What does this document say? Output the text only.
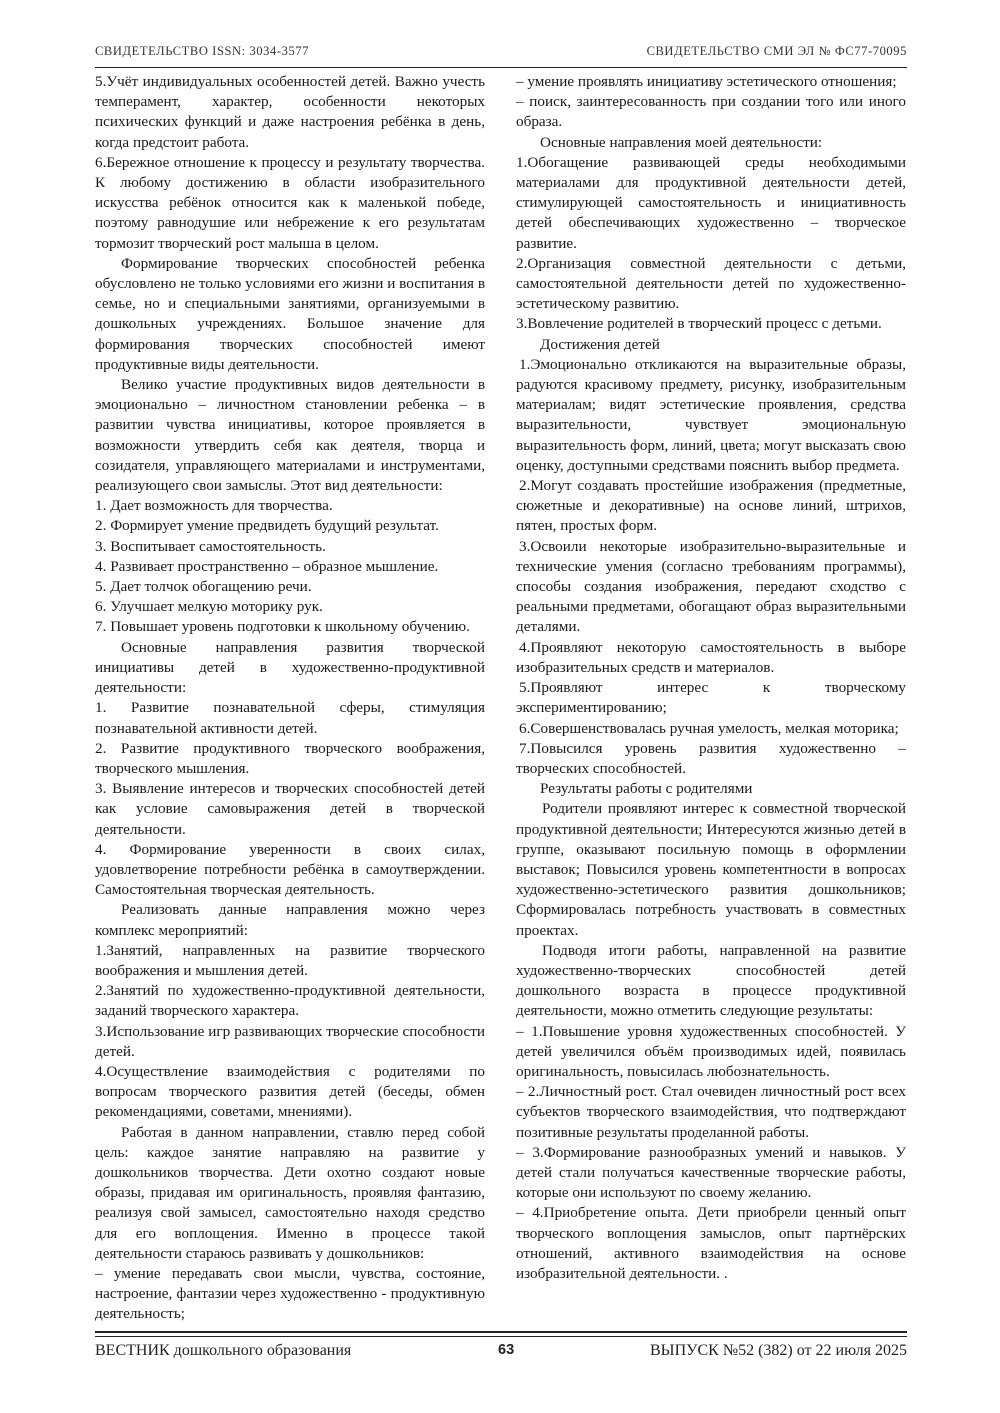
СВИДЕТЕЛЬСТВО ISSN: 3034-3577	СВИДЕТЕЛЬСТВО СМИ ЭЛ № ФС77-70095

5.Учёт индивидуальных особенностей детей. Важно учесть темперамент, характер, особенности некоторых психических функций и даже настроения ребёнка в день, когда предстоит работа.

6.Бережное отношение к процессу и результату творчества. К любому достижению в области изобразительного искусства ребёнок относится как к маленькой победе, поэтому равнодушие или небрежение к его результатам тормозит творческий рост малыша в целом.

Формирование творческих способностей ребенка обусловлено не только условиями его жизни и воспитания в семье, но и специальными занятиями, организуемыми в дошкольных учреждениях. Большое значение для формирования творческих способностей имеют продуктивные виды деятельности.

Велико участие продуктивных видов деятельности в эмоционально – личностном становлении ребенка – в развитии чувства инициативы, которое проявляется в возможности утвердить себя как деятеля, творца и созидателя, управляющего материалами и инструментами, реализующего свои замыслы. Этот вид деятельности:

1. Дает возможность для творчества.

2. Формирует умение предвидеть будущий результат.

3. Воспитывает самостоятельность.

4. Развивает пространственно – образное мышление.

5. Дает толчок обогащению речи.

6. Улучшает мелкую моторику рук.

7. Повышает уровень подготовки к школьному обучению.

Основные направления развития творческой инициативы детей в художественно-продуктивной деятельности:

1. Развитие познавательной сферы, стимуляция познавательной активности детей.

2. Развитие продуктивного творческого воображения, творческого мышления.

3. Выявление интересов и творческих способностей детей как условие самовыражения детей в творческой деятельности.

4. Формирование уверенности в своих силах, удовлетворение потребности ребёнка в самоутверждении. Самостоятельная творческая деятельность.

Реализовать данные направления можно через комплекс мероприятий:

1.Занятий, направленных на развитие творческого воображения и мышления детей.

2.Занятий по художественно-продуктивной деятельности, заданий творческого характера.

3.Использование игр развивающих творческие способности детей.

4.Осуществление взаимодействия с родителями по вопросам творческого развития детей (беседы, обмен рекомендациями, советами, мнениями).

Работая в данном направлении, ставлю перед собой цель: каждое занятие направляю на развитие у дошкольников творчества. Дети охотно создают новые образы, придавая им оригинальность, проявляя фантазию, реализуя свой замысел, самостоятельно находя средство для его воплощения. Именно в процессе такой деятельности стараюсь развивать у дошкольников:

– умение передавать свои мысли, чувства, состояние, настроение, фантазии через художественно - продуктивную деятельность;

– умение проявлять инициативу эстетического отношения;

– поиск, заинтересованность при создании того или иного образа.

Основные направления моей деятельности:

1.Обогащение развивающей среды необходимыми материалами для продуктивной деятельности детей, стимулирующей самостоятельность и инициативность детей обеспечивающих художественно – творческое развитие.

2.Организация совместной деятельности с детьми, самостоятельной деятельности детей по художественно-эстетическому развитию.

3.Вовлечение родителей в творческий процесс с детьми.

Достижения детей

1.Эмоционально откликаются на выразительные образы, радуются красивому предмету, рисунку, изобразительным материалам; видят эстетические проявления, средства выразительности, чувствует эмоциональную выразительность форм, линий, цвета; могут высказать свою оценку, доступными средствами пояснить выбор предмета.

2.Могут создавать простейшие изображения (предметные, сюжетные и декоративные) на основе линий, штрихов, пятен, простых форм.

3.Освоили некоторые изобразительно-выразительные и технические умения (согласно требованиям программы), способы создания изображения, передают сходство с реальными предметами, обогащают образ выразительными деталями.

4.Проявляют некоторую самостоятельность в выборе изобразительных средств и материалов.

5.Проявляют интерес к творческому экспериментированию;

6.Совершенствовалась ручная умелость, мелкая моторика;

7.Повысился уровень развития художественно – творческих способностей.

Результаты работы с родителями

Родители проявляют интерес к совместной творческой продуктивной деятельности; Интересуются жизнью детей в группе, оказывают посильную помощь в оформлении выставок; Повысился уровень компетентности в вопросах художественно-эстетического развития дошкольников; Сформировалась потребность участвовать в совместных проектах.

Подводя итоги работы, направленной на развитие художественно-творческих способностей детей дошкольного возраста в процессе продуктивной деятельности, можно отметить следующие результаты:

– 1.Повышение уровня художественных способностей. У детей увеличился объём производимых идей, появилась оригинальность, повысилась любознательность.

– 2.Личностный рост. Стал очевиден личностный рост всех субъектов творческого взаимодействия, что подтверждают позитивные результаты проделанной работы.

– 3.Формирование разнообразных умений и навыков. У детей стали получаться качественные творческие работы, которые они используют по своему желанию.

– 4.Приобретение опыта. Дети приобрели ценный опыт творческого воплощения замыслов, опыт партнёрских отношений, активного взаимодействия на основе изобразительной деятельности. .

ВЕСТНИК дошкольного образования	63	ВЫПУСК №52 (382) от 22 июля 2025
